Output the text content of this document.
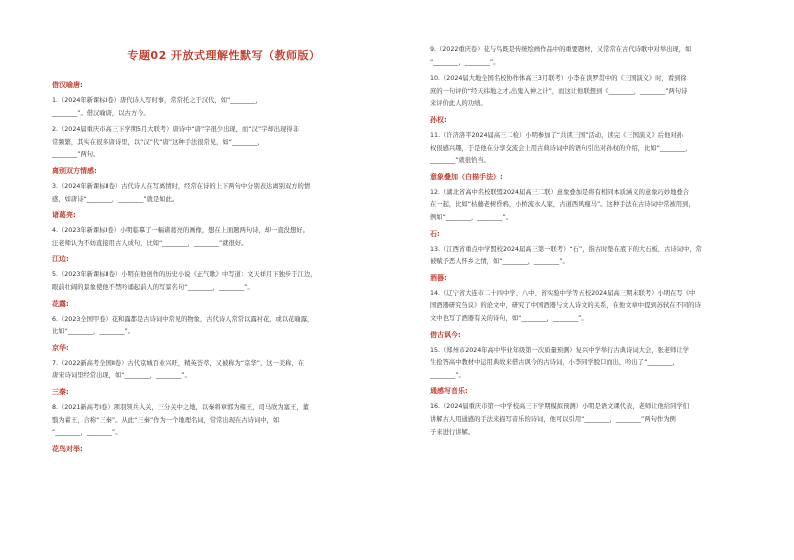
专题02 开放式理解性默写（教师版）
借汉喻唐:

1.（2024年新课标Ⅰ卷）唐代诗人写时事，常常托之于汉代，如“________，

________”。借汉喻唐，以古方今。

2.（2024届重庆市高三下学期5月大联考）唐诗中“唐”字很少出现，而“汉”字却出现得非

常频繁，其实在很多唐诗里，以“汉”代“唐”这种手法很常见，如“________，

________”两句。

离别双方情感:

3.（2024年新课标Ⅱ卷）古代诗人在写离情时，经常在诗的上下两句中分别表达离别双方的情

感，如唐诗“________，________”就是如此。

诸葛亮:

4.（2023年新课标Ⅰ卷）小明临摹了一幅诸葛亮的画像，想在上面题两句诗，却一直没想好。

汪老师认为不妨直接用古人成句，比如“________，________”就很好。

江边:

5.（2023年新课标Ⅱ卷）小明在他创作的历史小说《正气歌》中写道：文天祥月下独步于江边，

眼前壮阔的景象使他不禁吟诵起前人的写景名句“________，________”。

花露:

6.（2023全国甲卷）花和露都是古诗词中常见的物象，古代诗人常常以露衬花，或以花喻露，

比如“________，________”。

京华:

7.（2022新高考全国Ⅱ卷）古代京城百业兴旺，精英荟萃，又被称为“京华”，这一美称，在

唐宋诗词里经常出现，如“________，________”。

三秦:

8.（2021新高考Ⅰ卷）项羽领兵入关，三分关中之地，以秦将章邯为雍王，司马欣为塞王，董

翳为翟王，合称“三秦”。从此“三秦”作为一个地理名词，常常出现在古诗词中，如

“________，________”。

花鸟对举:

9.（2022重庆卷）花与鸟既是传统绘画作品中的重要题材，又常常在古代诗歌中对举出现，如

“________，________”。

10.（2024届大地全国名校协作体高三3月联考）小李在读罗贯中的《三国演义》时，看到徐

庶的一句评价“经天纬地之才,出鬼入神之计”，而这让他联想到《________，________”两句诗

来评价此人的功绩。

孙权:

11.（许济洛平2024届高三二检）小明参加了“共读三国”活动，读完《三国演义》后他对孙

权很感兴趣，于是他在分享交流会上用古典诗词中的语句引出对孙权的介绍，比如“________，

________”就很恰当。

意象叠加（白描手法）:

12.（湖北省高中名校联盟2024届高三二联）意象叠加是将有相同本质涵义的意象巧妙地叠合

在一起，比如“枯藤老树昏鸦，小桥流水人家，古道西风瘦马”。这种手法在古诗词中常被用到，

例如“________，________”。

石:

13.（江西省重点中学盟校2024届高三第一联考）“石”，指古时垫在底下的大石板，古诗词中，常

被赋予恶人怀乡之情，如“________，________”。

酒器:

14.（辽宁省大连市二十四中学、八中、省实验中学等五校2024届高三期末联考）小明在写《中

国酒器研究刍议》的论文中，研究了中国酒器与文人诗文的关系，在他文章中提到苏轼在不同的诗

文中也写了酒器有关的诗句，如“________，________”。

借古讽今:

15.（郑州市2024年高中毕业年级第一次质量预测）复兴中学举行古典诗词大会，张老师让学

生抢答高中教材中运用典故来借古讽今的古诗词，小李同学脱口而出，吟出了“________，

________”。

通感写音乐:

16.（2024届重庆市第一中学校高三下学期模拟预测）小明是语文课代表，老师让他给同学们

讲解古人用通感的手法来描写音乐的诗词，他可以引用“________，________”两句作为例

子来进行讲解。
